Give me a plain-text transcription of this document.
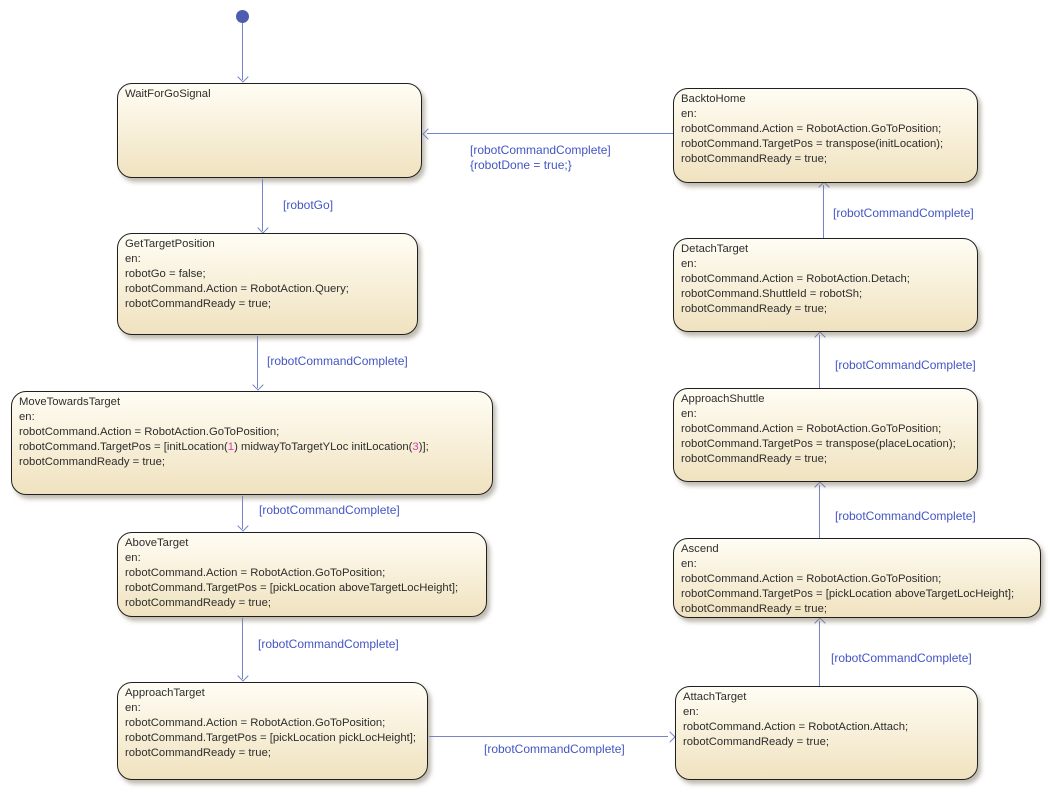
WaitForGoSignal
[robotGo]
GetTargetPosition
en:
robotGo = false;
robotCommand.Action = RobotAction.Query;
robotCommandReady = true;
[robotCommandComplete]
MoveTowardsTarget
en:
robotCommand.Action = RobotAction.GoToPosition;
robotCommand.TargetPos = [initLocation(1) midwayToTargetYLoc initLocation(3)];
robotCommandReady = true;
[robotCommandComplete]
AboveTarget
en:
robotCommand.Action = RobotAction.GoToPosition;
robotCommand.TargetPos = [pickLocation aboveTargetLocHeight];
robotCommandReady = true;
[robotCommandComplete]
ApproachTarget
en:
robotCommand.Action = RobotAction.GoToPosition;
robotCommand.TargetPos = [pickLocation pickLocHeight];
robotCommandReady = true;	[robotCommandComplete]
AttachTarget
en:
robotCommand.Action = RobotAction.Attach;
robotCommandReady = true;
[robotCommandComplete]
Ascend
en:
robotCommand.Action = RobotAction.GoToPosition;
robotCommand.TargetPos = [pickLocation aboveTargetLocHeight];
robotCommandReady = true;
[robotCommandComplete]
ApproachShuttle
en:
robotCommand.Action = RobotAction.GoToPosition;
robotCommand.TargetPos = transpose(placeLocation);
robotCommandReady = true;
[robotCommandComplete]
DetachTarget
en:
robotCommand.Action = RobotAction.Detach;
robotCommand.ShuttleId = robotSh;
robotCommandReady = true;
[robotCommandComplete]
BacktoHome
en:
robotCommand.Action = RobotAction.GoToPosition;
robotCommand.TargetPos = transpose(initLocation);
robotCommandReady = true;
[robotCommandComplete]
{robotDone = true;}
